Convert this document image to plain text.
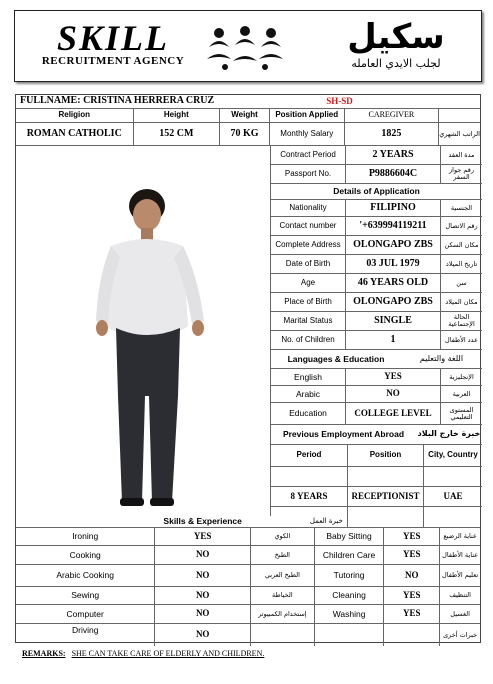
SKILL
RECRUITMENT AGENCY
سكيل
لجلب الايدي العامله
FULLNAME:
CRISTINA HERRERA CRUZ	SH-SD
Religion	Height	Weight	Position Applied	CAREGIVER
ROMAN CATHOLIC	152 CM	70 KG	Monthly Salary	1825	الراتب الشهري
Contract Period	2 YEARS	مدة العقد
Passport No.	P9886604C	رقم جواز السفر
Details of Application
Nationality	FILIPINO	الجنسية
Contact number	'+639994119211	رقم الاتصال
Complete Address	OLONGAPO ZBS	مكان السكن
Date of Birth	03 JUL 1979	تاريخ الميلاد
Age	46 YEARS OLD	سن
Place of Birth	OLONGAPO ZBS	مكان الميلاد
Marital Status	SINGLE	الحالة الإجتماعية
No. of Children	1	عدد الأطفال
Languages & Education	اللغة والتعليم
English	YES	الإنجليزية
Arabic	NO	العربية
Education	COLLEGE LEVEL	المستوى التعليمي
Previous Employment Abroad	خبرة خارج البلاد
Period	Position	City, Country
8 YEARS	RECEPTIONIST	UAE
Skills & Experience	خبرة العمل
Ironing	YES	الكوي	Baby Sitting	YES	عناية الرضيع
Cooking	NO	الطبخ	Children Care	YES	عناية الأطفال
Arabic Cooking	NO	الطبخ العربي	Tutoring	NO	تعليم الأطفال
Sewing	NO	الخياطة	Cleaning	YES	التنظيف
Computer	NO	إستخدام الكمبيوتر	Washing	YES	الغسيل
Driving	NO	خبرات أخرى
REMARKS: SHE CAN TAKE CARE OF ELDERLY AND CHILDREN.
